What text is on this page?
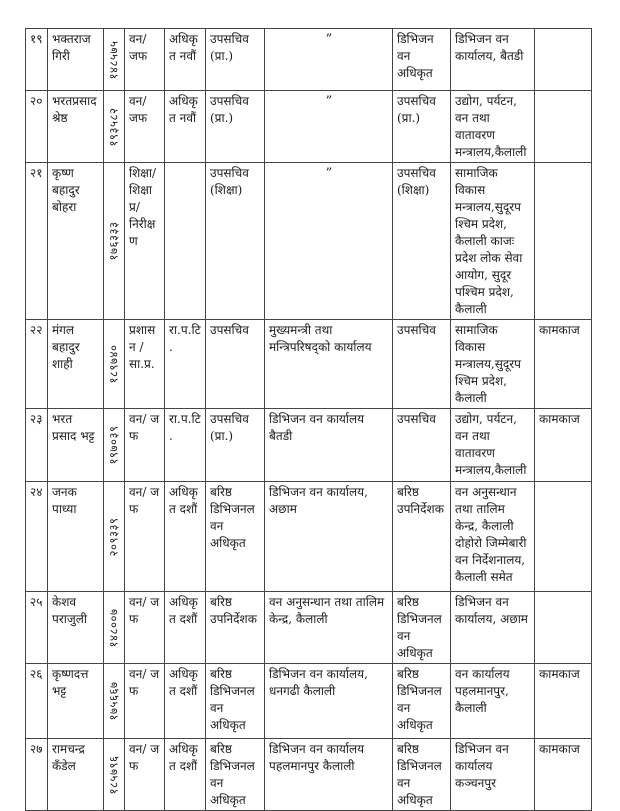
१९	भक्तराज गिरी	१४८५७५	वन/ जफ	अधिकृत नवौं	उपसचिव (प्रा.)	”	डिभिजन वन अधिकृत	डिभिजन वन कार्यालय, बैतडी	
२०	भरतप्रसाद श्रेष्ठ	१९३५८२	वन/ जफ	अधिकृत नवौं	उपसचिव (प्रा.)	”	उपसचिव (प्रा.)	उद्योग, पर्यटन, वन तथा वातावरण मन्त्रालय,कैलाली	
२१	कृष्ण बहादुर बोहरा	१७६३३३	शिक्षा/ शिक्षा प्र/ निरीक्षण		उपसचिव (शिक्षा)	”	उपसचिव (शिक्षा)	सामाजिक विकास मन्त्रालय,सुदूरपश्चिम प्रदेश, कैलाली काजः प्रदेश लोक सेवा आयोग, सुदूर पश्चिम प्रदेश, कैलाली	
२२	मंगल बहादुर शाही	१८९७४०	प्रशासन / सा.प्र.	रा.प.टि.	उपसचिव	मुख्यमन्त्री तथा मन्त्रिपरिषद्को कार्यालय	उपसचिव	सामाजिक विकास मन्त्रालय,सुदूरपश्चिम प्रदेश, कैलाली	कामकाज
२३	भरत प्रसाद भट्ट	१९७०३९	वन/ ज फ	रा.प.टि.	उपसचिव (प्रा.)	डिभिजन वन कार्यालय बैतडी	उपसचिव	उद्योग, पर्यटन, वन तथा वातावरण मन्त्रालय,कैलाली	कामकाज
२४	जनक पाध्या	२०९३३९	वन/ ज फ	अधिकृत दशौं	बरिष्ठ डिभिजनल वन अधिकृत	डिभिजन वन कार्यालय, अछाम	बरिष्ठ उपनिर्देशक	वन अनुसन्धान तथा तालिम केन्द्र, कैलाली दोहोरो जिम्मेबारी वन निर्देशनालय, कैलाली समेत	
२५	केशव पराजुली	१४८००७	वन/ ज फ	अधिकृत दशौं	बरिष्ठ उपनिर्देशक	वन अनुसन्धान तथा तालिम केन्द्र, कैलाली	बरिष्ठ डिभिजनल वन अधिकृत	डिभिजन वन कार्यालय, अछाम	
२६	कृष्णदत्त भट्ट	१७५६६७	वन/ ज फ	अधिकृत दशौं	बरिष्ठ डिभिजनल वन अधिकृत	डिभिजन वन कार्यालय, धनगढी कैलाली	बरिष्ठ डिभिजनल वन अधिकृत	वन कार्यालय पहलमानपुर, कैलाली	कामकाज
२७	रामचन्द्र कँडेल	१८५७९६	वन/ ज फ	अधिकृत दशौं	बरिष्ठ डिभिजनल वन अधिकृत	डिभिजन वन कार्यालय पहलमानपुर कैलाली	बरिष्ठ डिभिजनल वन अधिकृत	डिभिजन वन कार्यालय कञ्चनपुर	कामकाज
